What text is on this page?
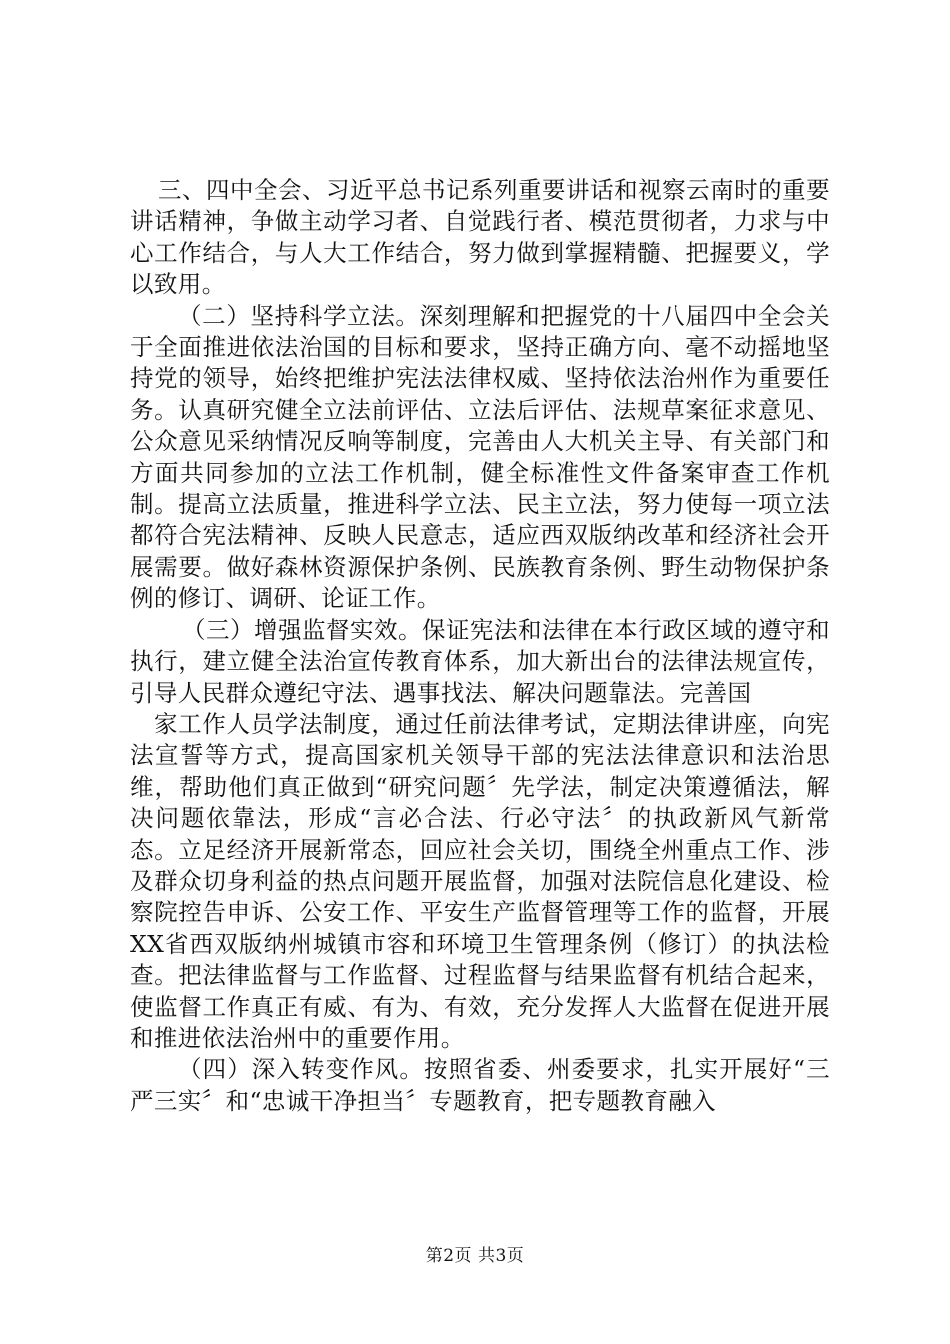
三、四中全会、习近平总书记系列重要讲话和视察云南时的重要讲话精神，争做主动学习者、自觉践行者、模范贯彻者，力求与中心工作结合，与人大工作结合，努力做到掌握精髓、把握要义，学以致用。

（二）坚持科学立法。深刻理解和把握党的十八届四中全会关于全面推进依法治国的目标和要求，坚持正确方向、毫不动摇地坚持党的领导，始终把维护宪法法律权威、坚持依法治州作为重要任务。认真研究健全立法前评估、立法后评估、法规草案征求意见、公众意见采纳情况反响等制度，完善由人大机关主导、有关部门和方面共同参加的立法工作机制，健全标准性文件备案审查工作机制。提高立法质量，推进科学立法、民主立法，努力使每一项立法都符合宪法精神、反映人民意志，适应西双版纳改革和经济社会开展需要。做好森林资源保护条例、民族教育条例、野生动物保护条例的修订、调研、论证工作。

（三）增强监督实效。保证宪法和法律在本行政区域的遵守和执行，建立健全法治宣传教育体系，加大新出台的法律法规宣传，引导人民群众遵纪守法、遇事找法、解决问题靠法。完善国

家工作人员学法制度，通过任前法律考试，定期法律讲座，向宪法宣誓等方式，提高国家机关领导干部的宪法法律意识和法治思维，帮助他们真正做到“研究问题〞先学法，制定决策遵循法，解决问题依靠法，形成“言必合法、行必守法〞的执政新风气新常态。立足经济开展新常态，回应社会关切，围绕全州重点工作、涉及群众切身利益的热点问题开展监督，加强对法院信息化建设、检察院控告申诉、公安工作、平安生产监督管理等工作的监督，开展XX省西双版纳州城镇市容和环境卫生管理条例（修订）的执法检查。把法律监督与工作监督、过程监督与结果监督有机结合起来，使监督工作真正有威、有为、有效，充分发挥人大监督在促进开展和推进依法治州中的重要作用。

（四）深入转变作风。按照省委、州委要求，扎实开展好“三严三实〞和“忠诚干净担当〞专题教育，把专题教育融入

第2页 共3页
